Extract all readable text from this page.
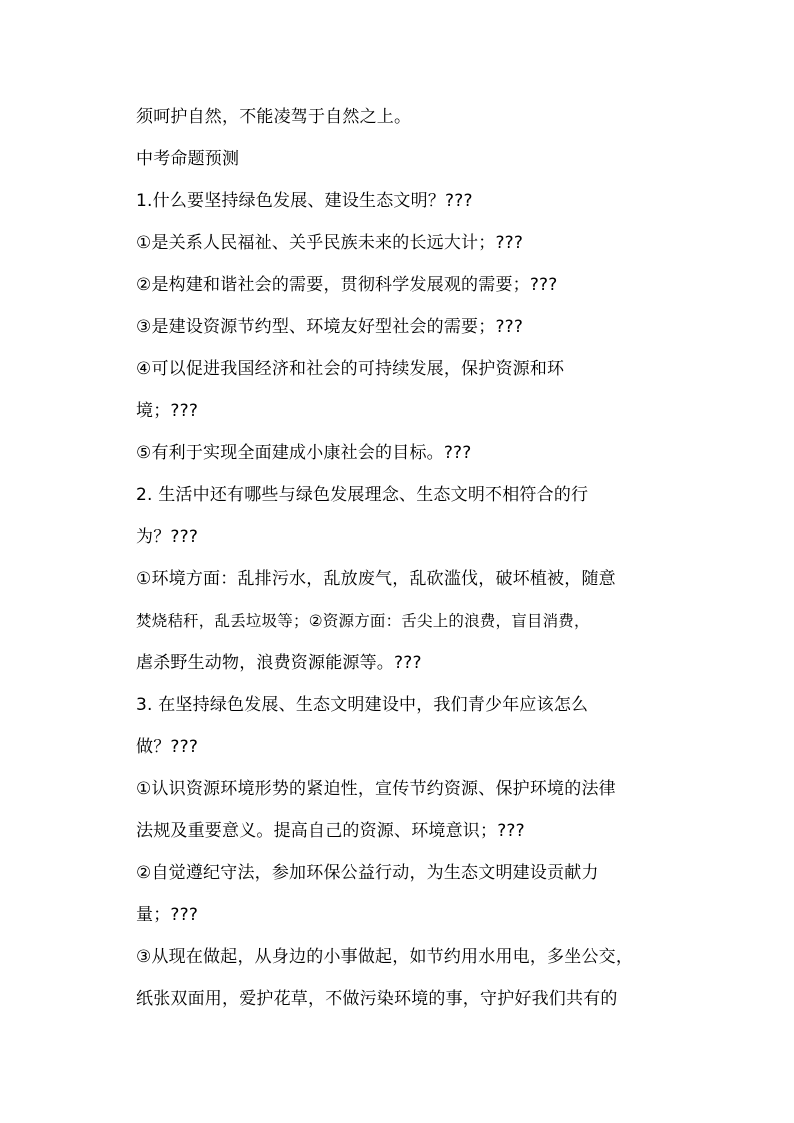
须呵护自然，不能凌驾于自然之上。
中考命题预测
1.什么要坚持绿色发展、建设生态文明？???
①是关系人民福祉、关乎民族未来的长远大计；???
②是构建和谐社会的需要，贯彻科学发展观的需要；???
③是建设资源节约型、环境友好型社会的需要；???
④可以促进我国经济和社会的可持续发展，保护资源和环
境；???
⑤有利于实现全面建成小康社会的目标。???
2. 生活中还有哪些与绿色发展理念、生态文明不相符合的行
为？???
①环境方面：乱排污水，乱放废气，乱砍滥伐，破坏植被，随意
焚烧秸秆，乱丢垃圾等；②资源方面：舌尖上的浪费，盲目消费，
虐杀野生动物，浪费资源能源等。???
3. 在坚持绿色发展、生态文明建设中，我们青少年应该怎么
做？???
①认识资源环境形势的紧迫性，宣传节约资源、保护环境的法律
法规及重要意义。提高自己的资源、环境意识；???
②自觉遵纪守法，参加环保公益行动，为生态文明建设贡献力
量；???
③从现在做起，从身边的小事做起，如节约用水用电，多坐公交，
纸张双面用，爱护花草，不做污染环境的事，守护好我们共有的
